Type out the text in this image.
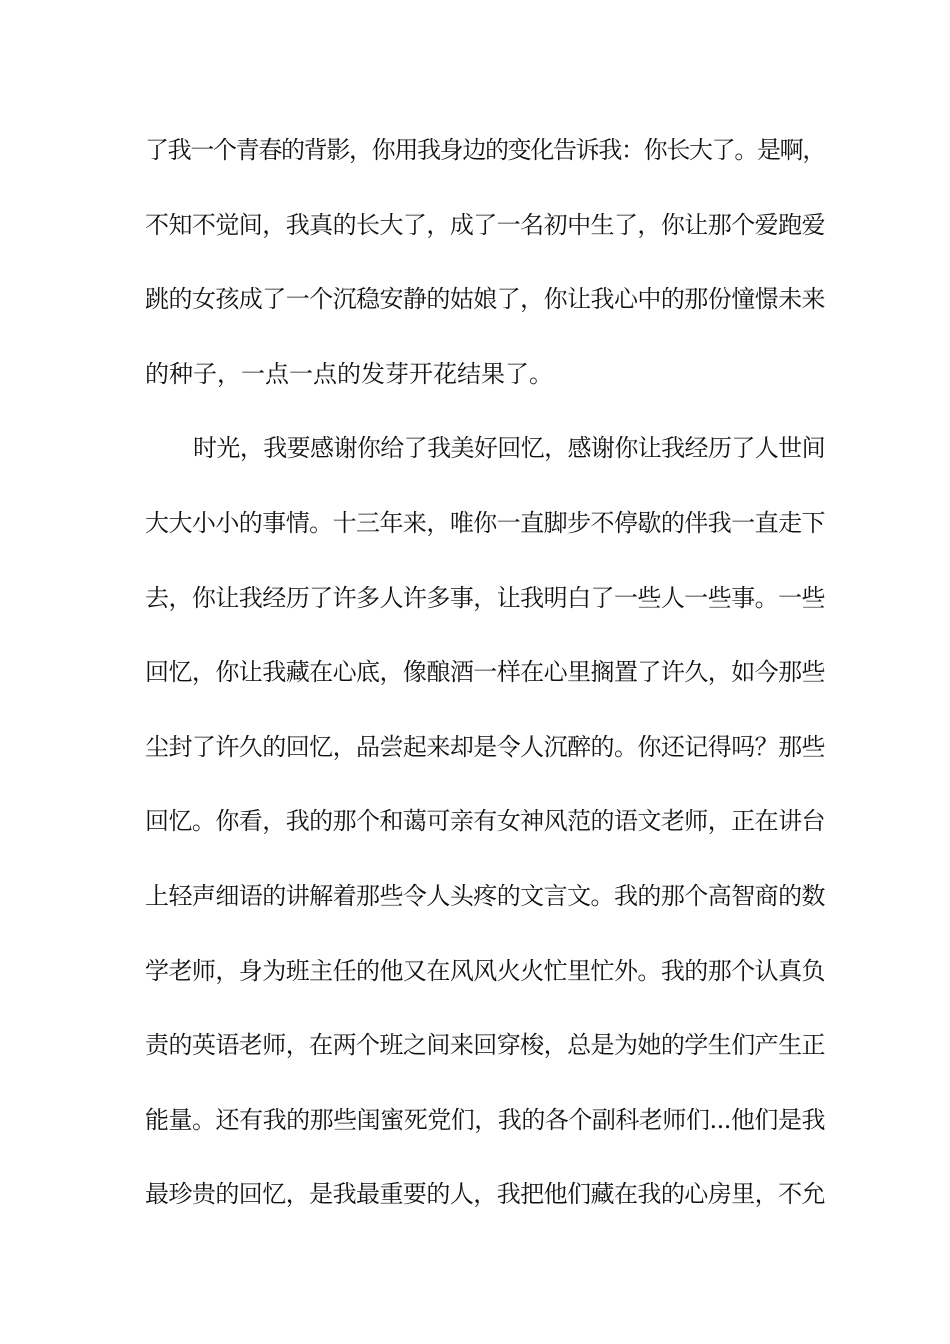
了我一个青春的背影，你用我身边的变化告诉我：你长大了。是啊，
不知不觉间，我真的长大了，成了一名初中生了，你让那个爱跑爱
跳的女孩成了一个沉稳安静的姑娘了，你让我心中的那份憧憬未来
的种子，一点一点的发芽开花结果了。
时光，我要感谢你给了我美好回忆，感谢你让我经历了人世间
大大小小的事情。十三年来，唯你一直脚步不停歇的伴我一直走下
去，你让我经历了许多人许多事，让我明白了一些人一些事。一些
回忆，你让我藏在心底，像酿酒一样在心里搁置了许久，如今那些
尘封了许久的回忆，品尝起来却是令人沉醉的。你还记得吗？那些
回忆。你看，我的那个和蔼可亲有女神风范的语文老师，正在讲台
上轻声细语的讲解着那些令人头疼的文言文。我的那个高智商的数
学老师，身为班主任的他又在风风火火忙里忙外。我的那个认真负
责的英语老师，在两个班之间来回穿梭，总是为她的学生们产生正
能量。还有我的那些闺蜜死党们，我的各个副科老师们...他们是我
最珍贵的回忆，是我最重要的人，我把他们藏在我的心房里，不允
